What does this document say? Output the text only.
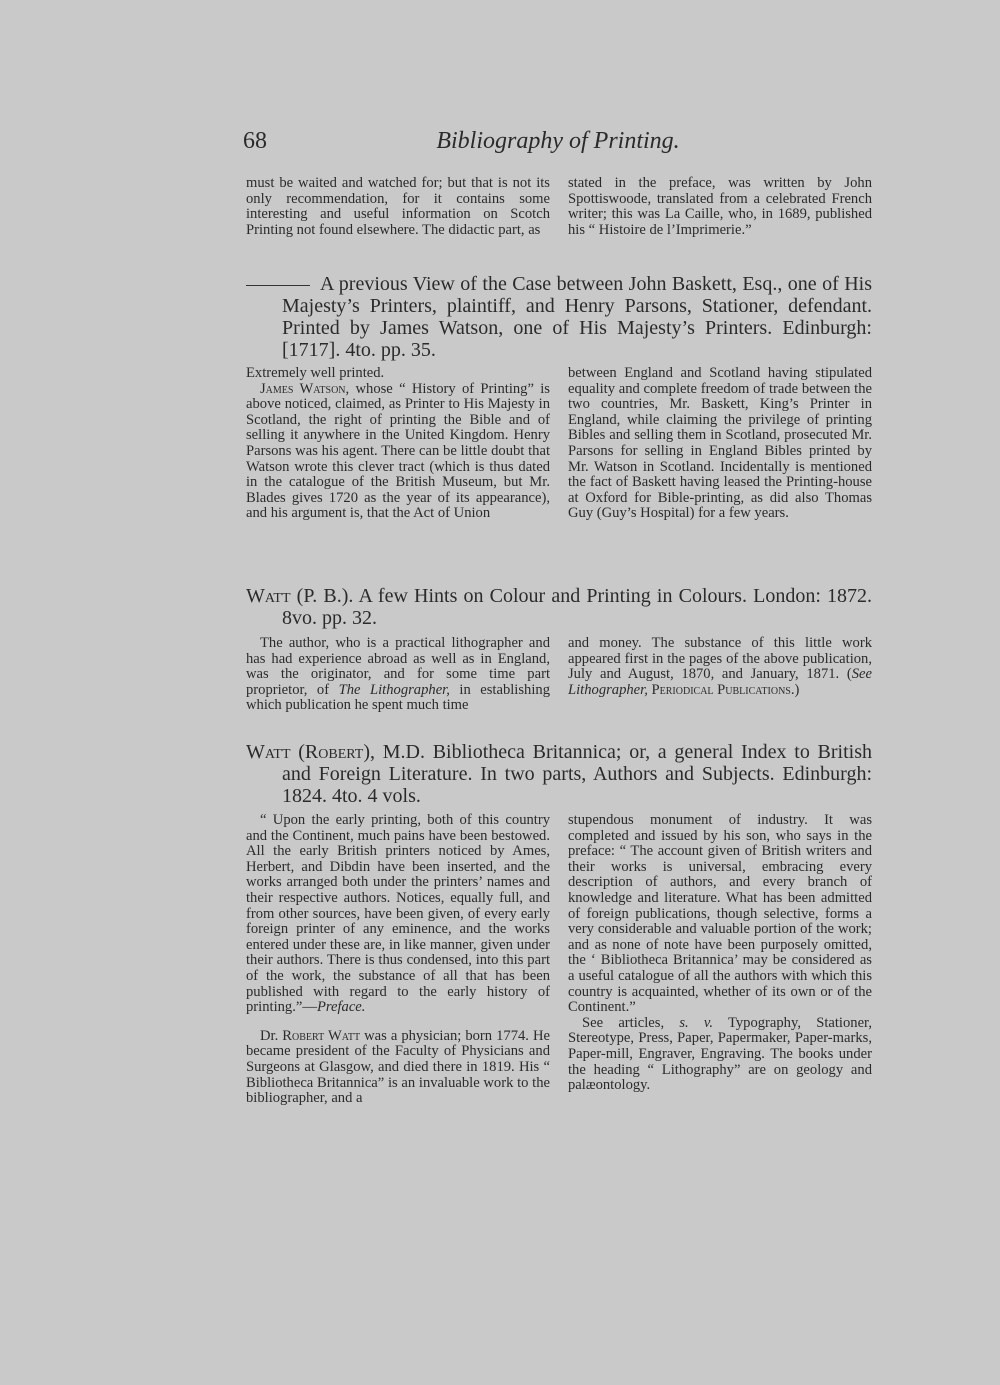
68	Bibliography of Printing.

must be waited and watched for; but that is not its only recommendation, for it contains some interesting and useful information on Scotch Printing not found elsewhere. The didactic part, as

stated in the preface, was written by John Spottiswoode, translated from a celebrated French writer; this was La Caille, who, in 1689, published his “ Histoire de l’Imprimerie.”

A previous View of the Case between John Baskett, Esq., one of His Majesty’s Printers, plaintiff, and Henry Parsons, Stationer, defendant. Printed by James Watson, one of His Majesty’s Printers. Edinburgh: [1717]. 4to. pp. 35.

Extremely well printed.

James Watson, whose “ History of Printing” is above noticed, claimed, as Printer to His Majesty in Scotland, the right of printing the Bible and of selling it anywhere in the United Kingdom. Henry Parsons was his agent. There can be little doubt that Watson wrote this clever tract (which is thus dated in the catalogue of the British Museum, but Mr. Blades gives 1720 as the year of its appearance), and his argument is, that the Act of Union

between England and Scotland having stipulated equality and complete freedom of trade between the two countries, Mr. Baskett, King’s Printer in England, while claiming the privilege of printing Bibles and selling them in Scotland, prosecuted Mr. Parsons for selling in England Bibles printed by Mr. Watson in Scotland. Incidentally is mentioned the fact of Baskett having leased the Printing-house at Oxford for Bible-printing, as did also Thomas Guy (Guy’s Hospital) for a few years.

Watt (P. B.). A few Hints on Colour and Printing in Colours. London: 1872. 8vo. pp. 32.

The author, who is a practical lithographer and has had experience abroad as well as in England, was the originator, and for some time part proprietor, of The Lithographer, in establishing which publication he spent much time

and money. The substance of this little work appeared first in the pages of the above publication, July and August, 1870, and January, 1871. (See Lithographer, Periodical Publications.)

Watt (Robert), M.D. Bibliotheca Britannica; or, a general Index to British and Foreign Literature. In two parts, Authors and Subjects. Edinburgh: 1824. 4to. 4 vols.

“ Upon the early printing, both of this country and the Continent, much pains have been bestowed. All the early British printers noticed by Ames, Herbert, and Dibdin have been inserted, and the works arranged both under the printers’ names and their respective authors. Notices, equally full, and from other sources, have been given, of every early foreign printer of any eminence, and the works entered under these are, in like manner, given under their authors. There is thus condensed, into this part of the work, the substance of all that has been published with regard to the early history of printing.”—Preface.

Dr. Robert Watt was a physician; born 1774. He became president of the Faculty of Physicians and Surgeons at Glasgow, and died there in 1819. His “ Bibliotheca Britannica” is an invaluable work to the bibliographer, and a

stupendous monument of industry. It was completed and issued by his son, who says in the preface: “ The account given of British writers and their works is universal, embracing every description of authors, and every branch of knowledge and literature. What has been admitted of foreign publications, though selective, forms a very considerable and valuable portion of the work; and as none of note have been purposely omitted, the ‘ Bibliotheca Britannica’ may be considered as a useful catalogue of all the authors with which this country is acquainted, whether of its own or of the Continent.”

See articles, s. v. Typography, Stationer, Stereotype, Press, Paper, Papermaker, Paper-marks, Paper-mill, Engraver, Engraving. The books under the heading “ Lithography” are on geology and palæontology.
